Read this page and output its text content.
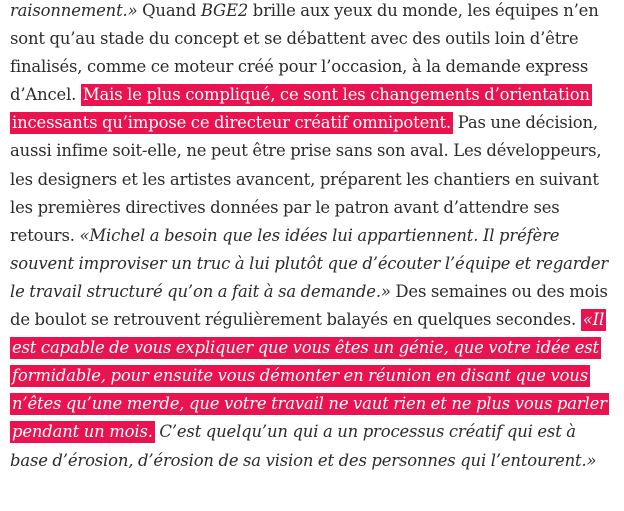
raisonnement.» Quand BGE2 brille aux yeux du monde, les équipes n’en sont qu’au stade du concept et se débattent avec des outils loin d’être finalisés, comme ce moteur créé pour l’occasion, à la demande express d’Ancel. Mais le plus compliqué, ce sont les changements d’orientation incessants qu’impose ce directeur créatif omnipotent. Pas une décision, aussi infime soit-elle, ne peut être prise sans son aval. Les développeurs, les designers et les artistes avancent, préparent les chantiers en suivant les premières directives données par le patron avant d’attendre ses retours. «Michel a besoin que les idées lui appartiennent. Il préfère souvent improviser un truc à lui plutôt que d’écouter l’équipe et regarder le travail structuré qu’on a fait à sa demande.» Des semaines ou des mois de boulot se retrouvent régulièrement balayés en quelques secondes. «Il est capable de vous expliquer que vous êtes un génie, que votre idée est formidable, pour ensuite vous démonter en réunion en disant que vous n’êtes qu’une merde, que votre travail ne vaut rien et ne plus vous parler pendant un mois. C’est quelqu’un qui a un processus créatif qui est à base d’érosion, d’érosion de sa vision et des personnes qui l’entourent.»
